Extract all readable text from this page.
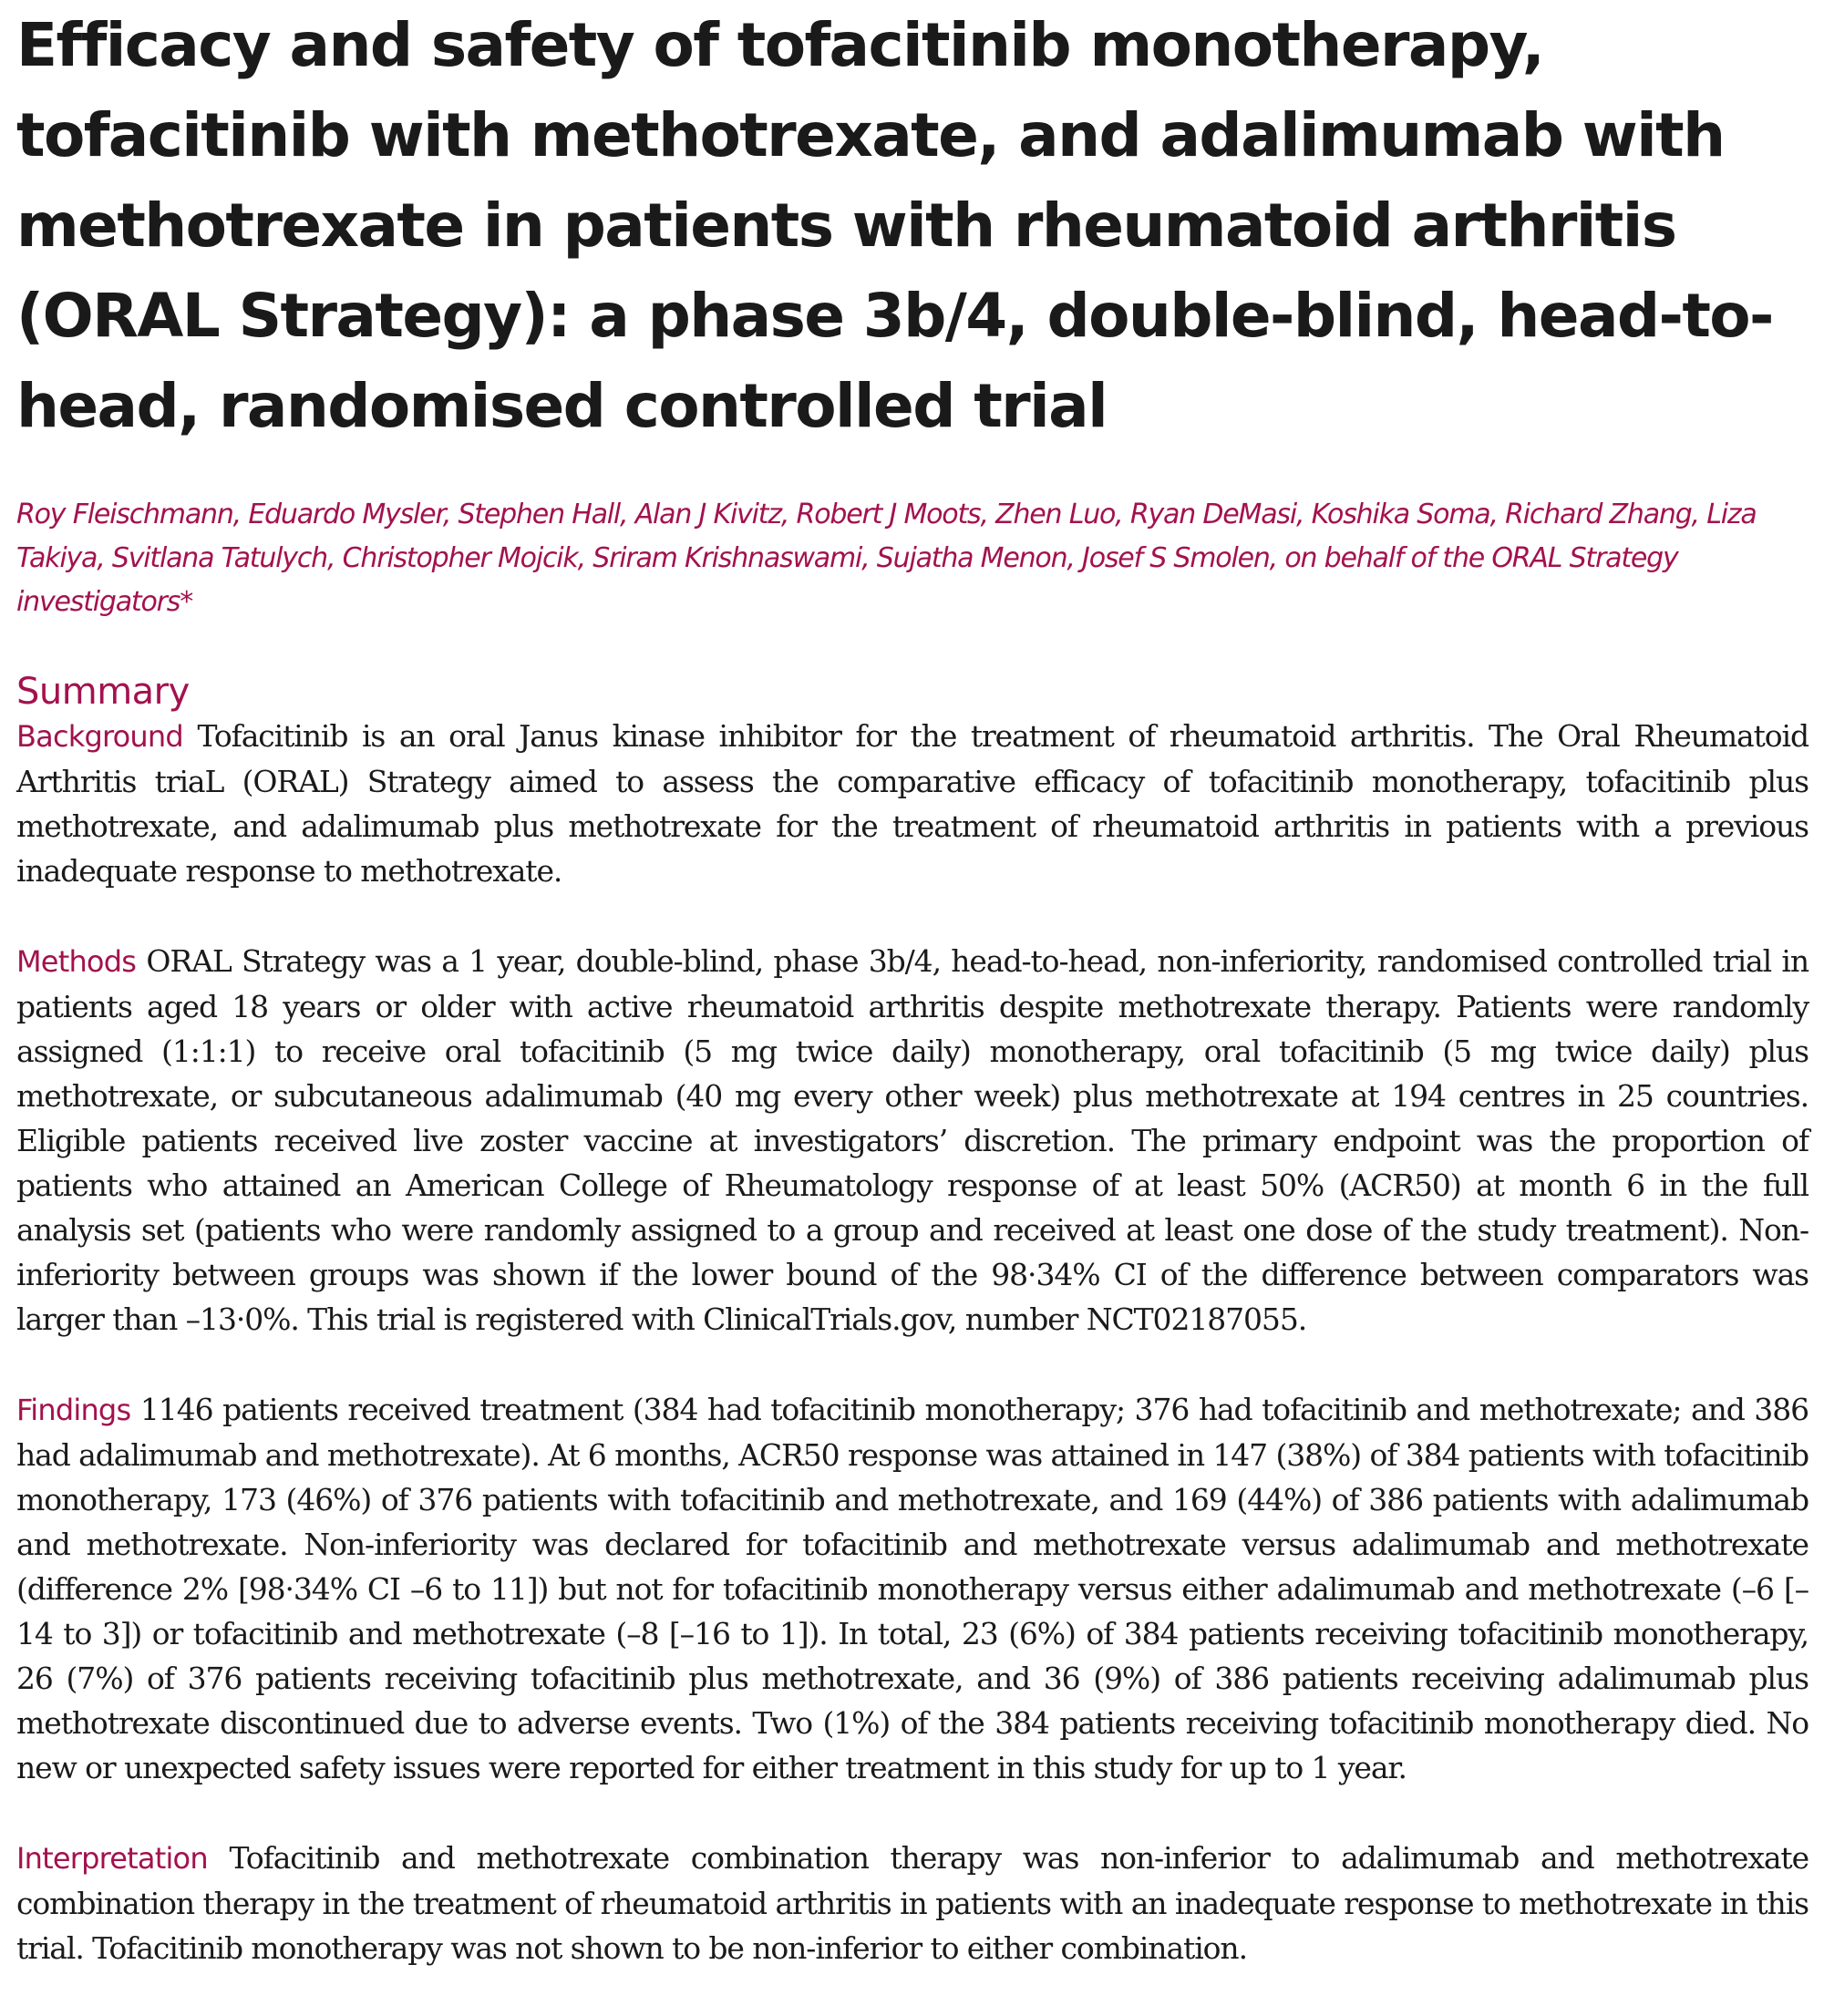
Efficacy and safety of tofacitinib monotherapy, tofacitinib with methotrexate, and adalimumab with methotrexate in patients with rheumatoid arthritis (ORAL Strategy): a phase 3b/4, double-blind, head-to-head, randomised controlled trial
Roy Fleischmann, Eduardo Mysler, Stephen Hall, Alan J Kivitz, Robert J Moots, Zhen Luo, Ryan DeMasi, Koshika Soma, Richard Zhang, Liza Takiya, Svitlana Tatulych, Christopher Mojcik, Sriram Krishnaswami, Sujatha Menon, Josef S Smolen, on behalf of the ORAL Strategy investigators*
Summary

Background Tofacitinib is an oral Janus kinase inhibitor for the treatment of rheumatoid arthritis. The Oral Rheumatoid Arthritis triaL (ORAL) Strategy aimed to assess the comparative efficacy of tofacitinib monotherapy, tofacitinib plus methotrexate, and adalimumab plus methotrexate for the treatment of rheumatoid arthritis in patients with a previous inadequate response to methotrexate.

Methods ORAL Strategy was a 1 year, double-blind, phase 3b/4, head-to-head, non-inferiority, randomised controlled trial in patients aged 18 years or older with active rheumatoid arthritis despite methotrexate therapy. Patients were randomly assigned (1:1:1) to receive oral tofacitinib (5 mg twice daily) monotherapy, oral tofacitinib (5 mg twice daily) plus methotrexate, or subcutaneous adalimumab (40 mg every other week) plus methotrexate at 194 centres in 25 countries. Eligible patients received live zoster vaccine at investigators’ discretion. The primary endpoint was the proportion of patients who attained an American College of Rheumatology response of at least 50% (ACR50) at month 6 in the full analysis set (patients who were randomly assigned to a group and received at least one dose of the study treatment). Non-inferiority between groups was shown if the lower bound of the 98·34% CI of the difference between comparators was larger than –13·0%. This trial is registered with ClinicalTrials.gov, number NCT02187055.

Findings 1146 patients received treatment (384 had tofacitinib monotherapy; 376 had tofacitinib and methotrexate; and 386 had adalimumab and methotrexate). At 6 months, ACR50 response was attained in 147 (38%) of 384 patients with tofacitinib monotherapy, 173 (46%) of 376 patients with tofacitinib and methotrexate, and 169 (44%) of 386 patients with adalimumab and methotrexate. Non-inferiority was declared for tofacitinib and methotrexate versus adalimumab and methotrexate (difference 2% [98·34% CI –6 to 11]) but not for tofacitinib monotherapy versus either adalimumab and methotrexate (–6 [–14 to 3]) or tofacitinib and methotrexate (–8 [–16 to 1]). In total, 23 (6%) of 384 patients receiving tofacitinib monotherapy, 26 (7%) of 376 patients receiving tofacitinib plus methotrexate, and 36 (9%) of 386 patients receiving adalimumab plus methotrexate discontinued due to adverse events. Two (1%) of the 384 patients receiving tofacitinib monotherapy died. No new or unexpected safety issues were reported for either treatment in this study for up to 1 year.

Interpretation Tofacitinib and methotrexate combination therapy was non-inferior to adalimumab and methotrexate combination therapy in the treatment of rheumatoid arthritis in patients with an inadequate response to methotrexate in this trial. Tofacitinib monotherapy was not shown to be non-inferior to either combination.
